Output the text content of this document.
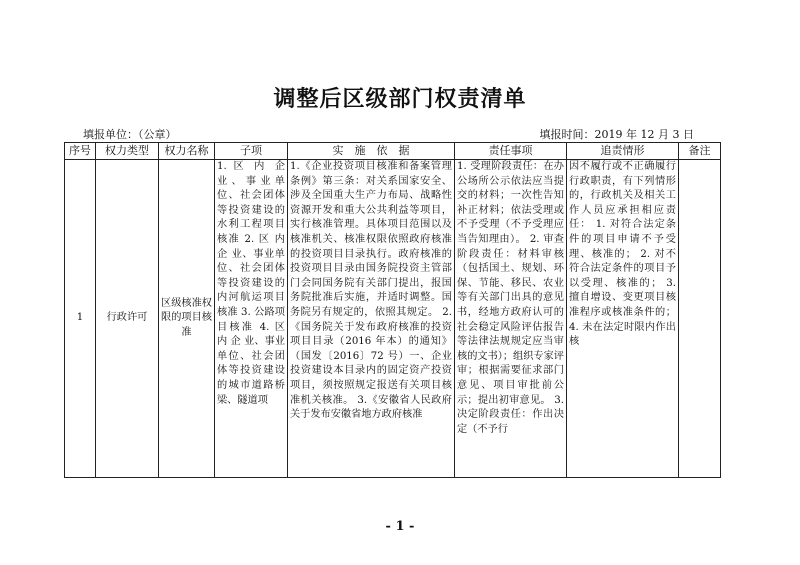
调整后区级部门权责清单
填报单位：（公章）	填报时间：2019 年 12 月 3 日
序号	权力类型	权力名称	子项	实　施　依　据	责任事项	追责情形	备注
1	行政许可	区级核准权限的项目核准	1. 区 内 企 业、事业单位、社会团体等投资建设的水利工程项目核准 2. 区 内 企 业、事业单位、社会团体等投资建设的内河航运项目核准 3. 公路项目核准 4. 区 内 企 业、事业单位、社会团体等投资建设的城市道路桥梁、隧道项	1.《企业投资项目核准和备案管理条例》第三条：对关系国家安全、涉及全国重大生产力布局、战略性资源开发和重大公共利益等项目，实行核准管理。具体项目范围以及核准机关、核准权限依照政府核准的投资项目目录执行。政府核准的投资项目目录由国务院投资主管部门会同国务院有关部门提出，报国务院批准后实施，并适时调整。国务院另有规定的，依照其规定。 2.《国务院关于发布政府核准的投资项目目录（2016 年本）的通知》（国发〔2016〕72 号）一、企业投资建设本目录内的固定资产投资项目，须按照规定报送有关项目核准机关核准。 3.《安徽省人民政府关于发布安徽省地方政府核准	1. 受理阶段责任：在办公场所公示依法应当提交的材料；一次性告知补正材料；依法受理或不予受理（不予受理应当告知理由）。 2. 审查阶段责任：材料审核（包括国土、规划、环保、节能、移民、农业等有关部门出具的意见书，经地方政府认可的社会稳定风险评估报告等法律法规规定应当审核的文书）；组织专家评审；根据需要征求部门意见、项目审批前公示；提出初审意见。 3. 决定阶段责任：作出决定（不予行	因不履行或不正确履行行政职责，有下列情形的，行政机关及相关工作人员应承担相应责任： 1. 对符合法定条件的项目申请不予受理、核准的； 2. 对不符合法定条件的项目予以受理、核准的； 3. 擅自增设、变更项目核准程序或核准条件的； 4. 未在法定时限内作出核	

- 1 -
